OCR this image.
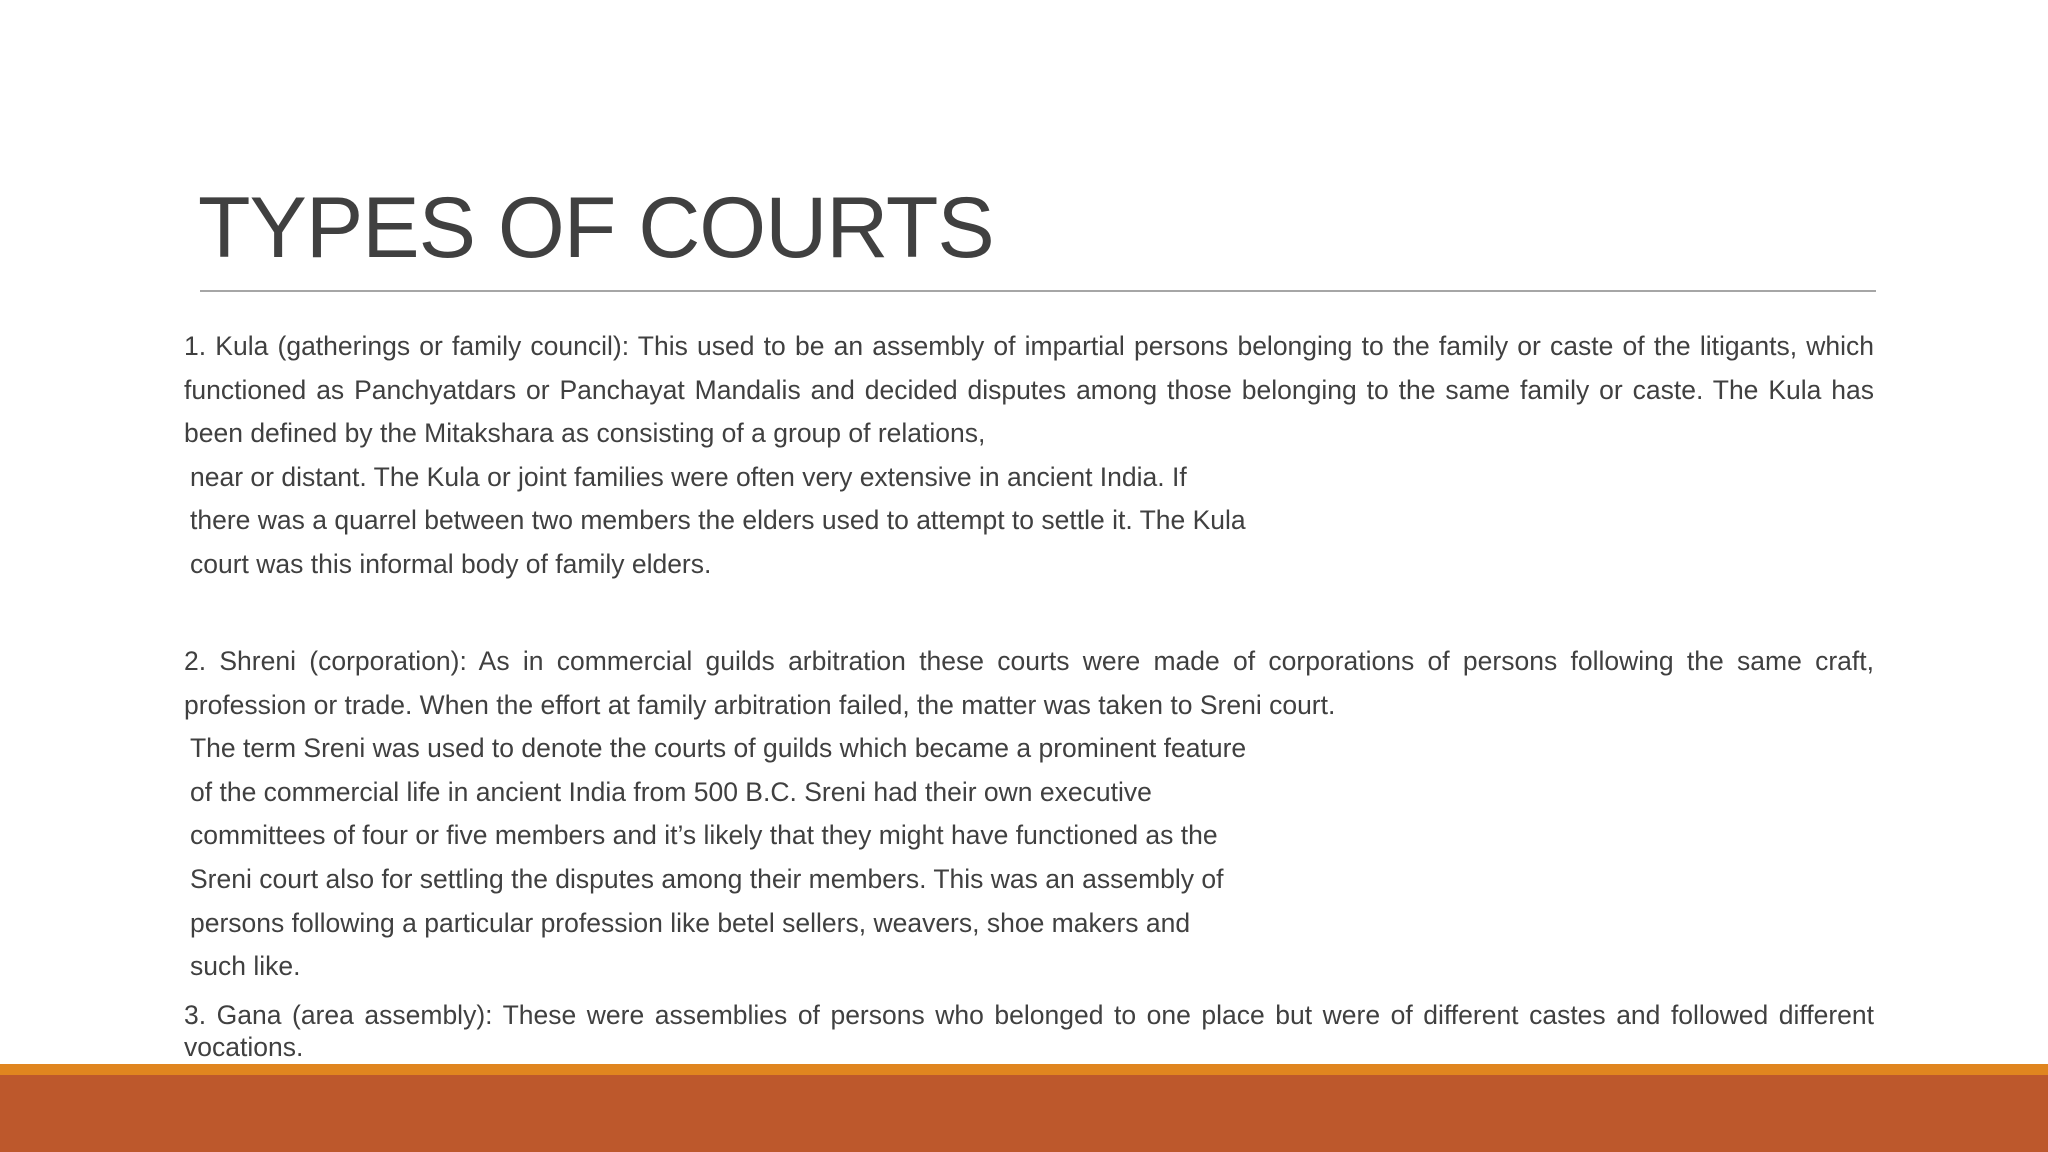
TYPES OF COURTS

1. Kula (gatherings or family council): This used to be an assembly of impartial persons belonging to the family or caste of the litigants, which functioned as Panchyatdars or Panchayat Mandalis and decided disputes among those belonging to the same family or caste. The Kula has been defined by the Mitakshara as consisting of a group of relations,

near or distant. The Kula or joint families were often very extensive in ancient India. If
there was a quarrel between two members the elders used to attempt to settle it. The Kula
court was this informal body of family elders.

2. Shreni (corporation): As in commercial guilds arbitration these courts were made of corporations of persons following the same craft, profession or trade. When the effort at family arbitration failed, the matter was taken to Sreni court.

The term Sreni was used to denote the courts of guilds which became a prominent feature
of the commercial life in ancient India from 500 B.C. Sreni had their own executive
committees of four or five members and it’s likely that they might have functioned as the
Sreni court also for settling the disputes among their members. This was an assembly of
persons following a particular profession like betel sellers, weavers, shoe makers and
such like.

3. Gana (area assembly): These were assemblies of persons who belonged to one place but were of different castes and followed different vocations.
